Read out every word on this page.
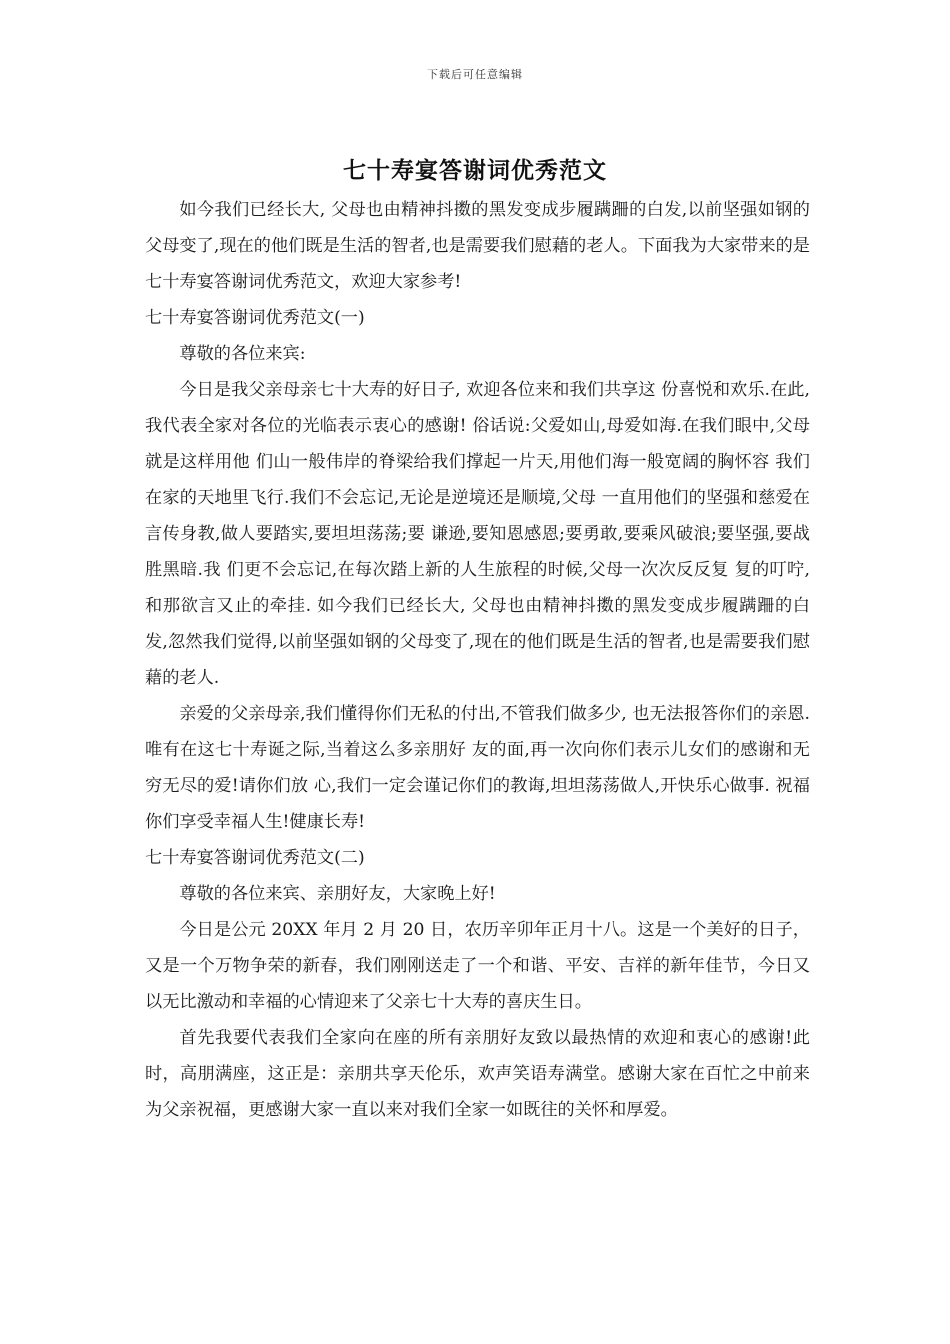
下载后可任意编辑
七十寿宴答谢词优秀范文

如今我们已经长大, 父母也由精神抖擞的黑发变成步履蹒跚的白发,以前坚强如钢的父母变了,现在的他们既是生活的智者,也是需要我们慰藉的老人。下面我为大家带来的是七十寿宴答谢词优秀范文，欢迎大家参考!

七十寿宴答谢词优秀范文(一)

尊敬的各位来宾:

今日是我父亲母亲七十大寿的好日子, 欢迎各位来和我们共享这 份喜悦和欢乐.在此,我代表全家对各位的光临表示衷心的感谢! 俗话说:父爱如山,母爱如海.在我们眼中,父母就是这样用他 们山一般伟岸的脊梁给我们撑起一片天,用他们海一般宽阔的胸怀容 我们在家的天地里飞行.我们不会忘记,无论是逆境还是顺境,父母 一直用他们的坚强和慈爱在言传身教,做人要踏实,要坦坦荡荡;要 谦逊,要知恩感恩;要勇敢,要乘风破浪;要坚强,要战胜黑暗.我 们更不会忘记,在每次踏上新的人生旅程的时候,父母一次次反反复 复的叮咛,和那欲言又止的牵挂. 如今我们已经长大, 父母也由精神抖擞的黑发变成步履蹒跚的白 发,忽然我们觉得,以前坚强如钢的父母变了,现在的他们既是生活的智者,也是需要我们慰藉的老人.

亲爱的父亲母亲,我们懂得你们无私的付出,不管我们做多少, 也无法报答你们的亲恩.唯有在这七十寿诞之际,当着这么多亲朋好 友的面,再一次向你们表示儿女们的感谢和无穷无尽的爱!请你们放 心,我们一定会谨记你们的教诲,坦坦荡荡做人,开快乐心做事. 祝福你们享受幸福人生!健康长寿!

七十寿宴答谢词优秀范文(二)

尊敬的各位来宾、亲朋好友，大家晚上好!

今日是公元 20XX 年月 2 月 20 日，农历辛卯年正月十八。这是一个美好的日子，又是一个万物争荣的新春，我们刚刚送走了一个和谐、平安、吉祥的新年佳节，今日又以无比激动和幸福的心情迎来了父亲七十大寿的喜庆生日。

首先我要代表我们全家向在座的所有亲朋好友致以最热情的欢迎和衷心的感谢!此时，高朋满座，这正是：亲朋共享天伦乐，欢声笑语寿满堂。感谢大家在百忙之中前来为父亲祝福，更感谢大家一直以来对我们全家一如既往的关怀和厚爱。
